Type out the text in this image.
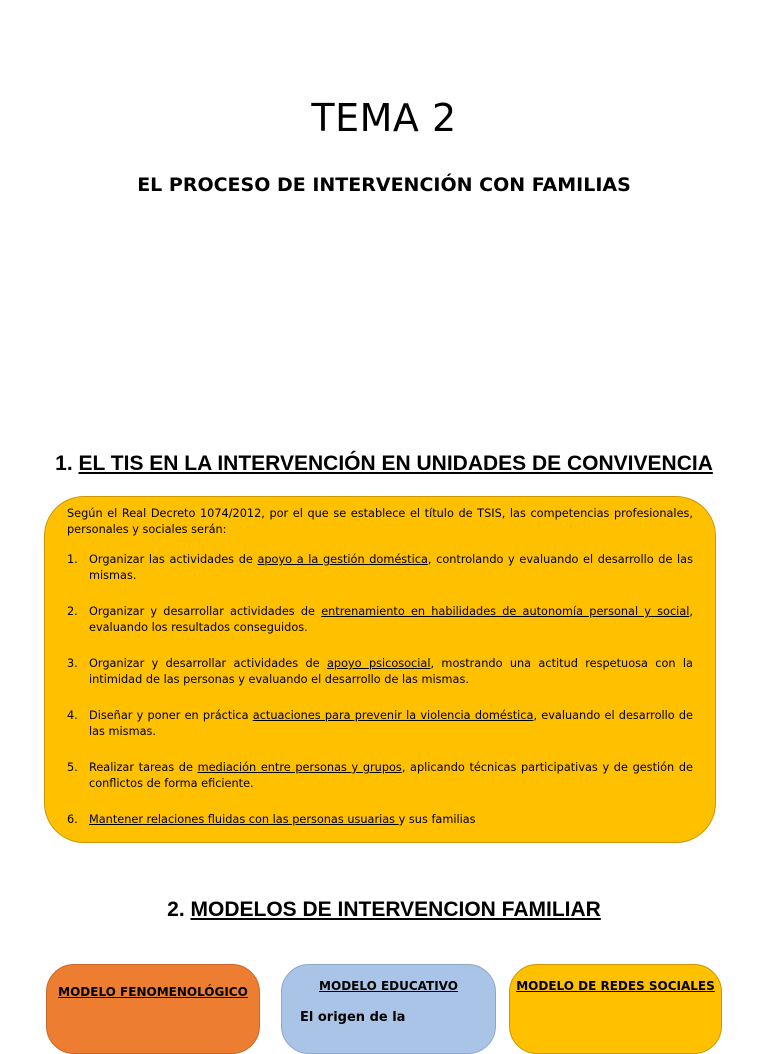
TEMA 2
EL PROCESO DE INTERVENCIÓN CON FAMILIAS
1. EL TIS EN LA INTERVENCIÓN EN UNIDADES DE CONVIVENCIA

Según el Real Decreto 1074/2012, por el que se establece el título de TSIS, las competencias profesionales, personales y sociales serán:

1. Organizar las actividades de apoyo a la gestión doméstica, controlando y evaluando el desarrollo de las mismas.
2. Organizar y desarrollar actividades de entrenamiento en habilidades de autonomía personal y social, evaluando los resultados conseguidos.
3. Organizar y desarrollar actividades de apoyo psicosocial, mostrando una actitud respetuosa con la intimidad de las personas y evaluando el desarrollo de las mismas.
4. Diseñar y poner en práctica actuaciones para prevenir la violencia doméstica, evaluando el desarrollo de las mismas.
5. Realizar tareas de mediación entre personas y grupos, aplicando técnicas participativas y de gestión de conflictos de forma eficiente.
6. Mantener relaciones fluidas con las personas usuarias y sus familias
2. MODELOS DE INTERVENCION FAMILIAR
MODELO FENOMENOLÓGICO	MODELO EDUCATIVO
El origen de la
MODELO DE REDES SOCIALES
